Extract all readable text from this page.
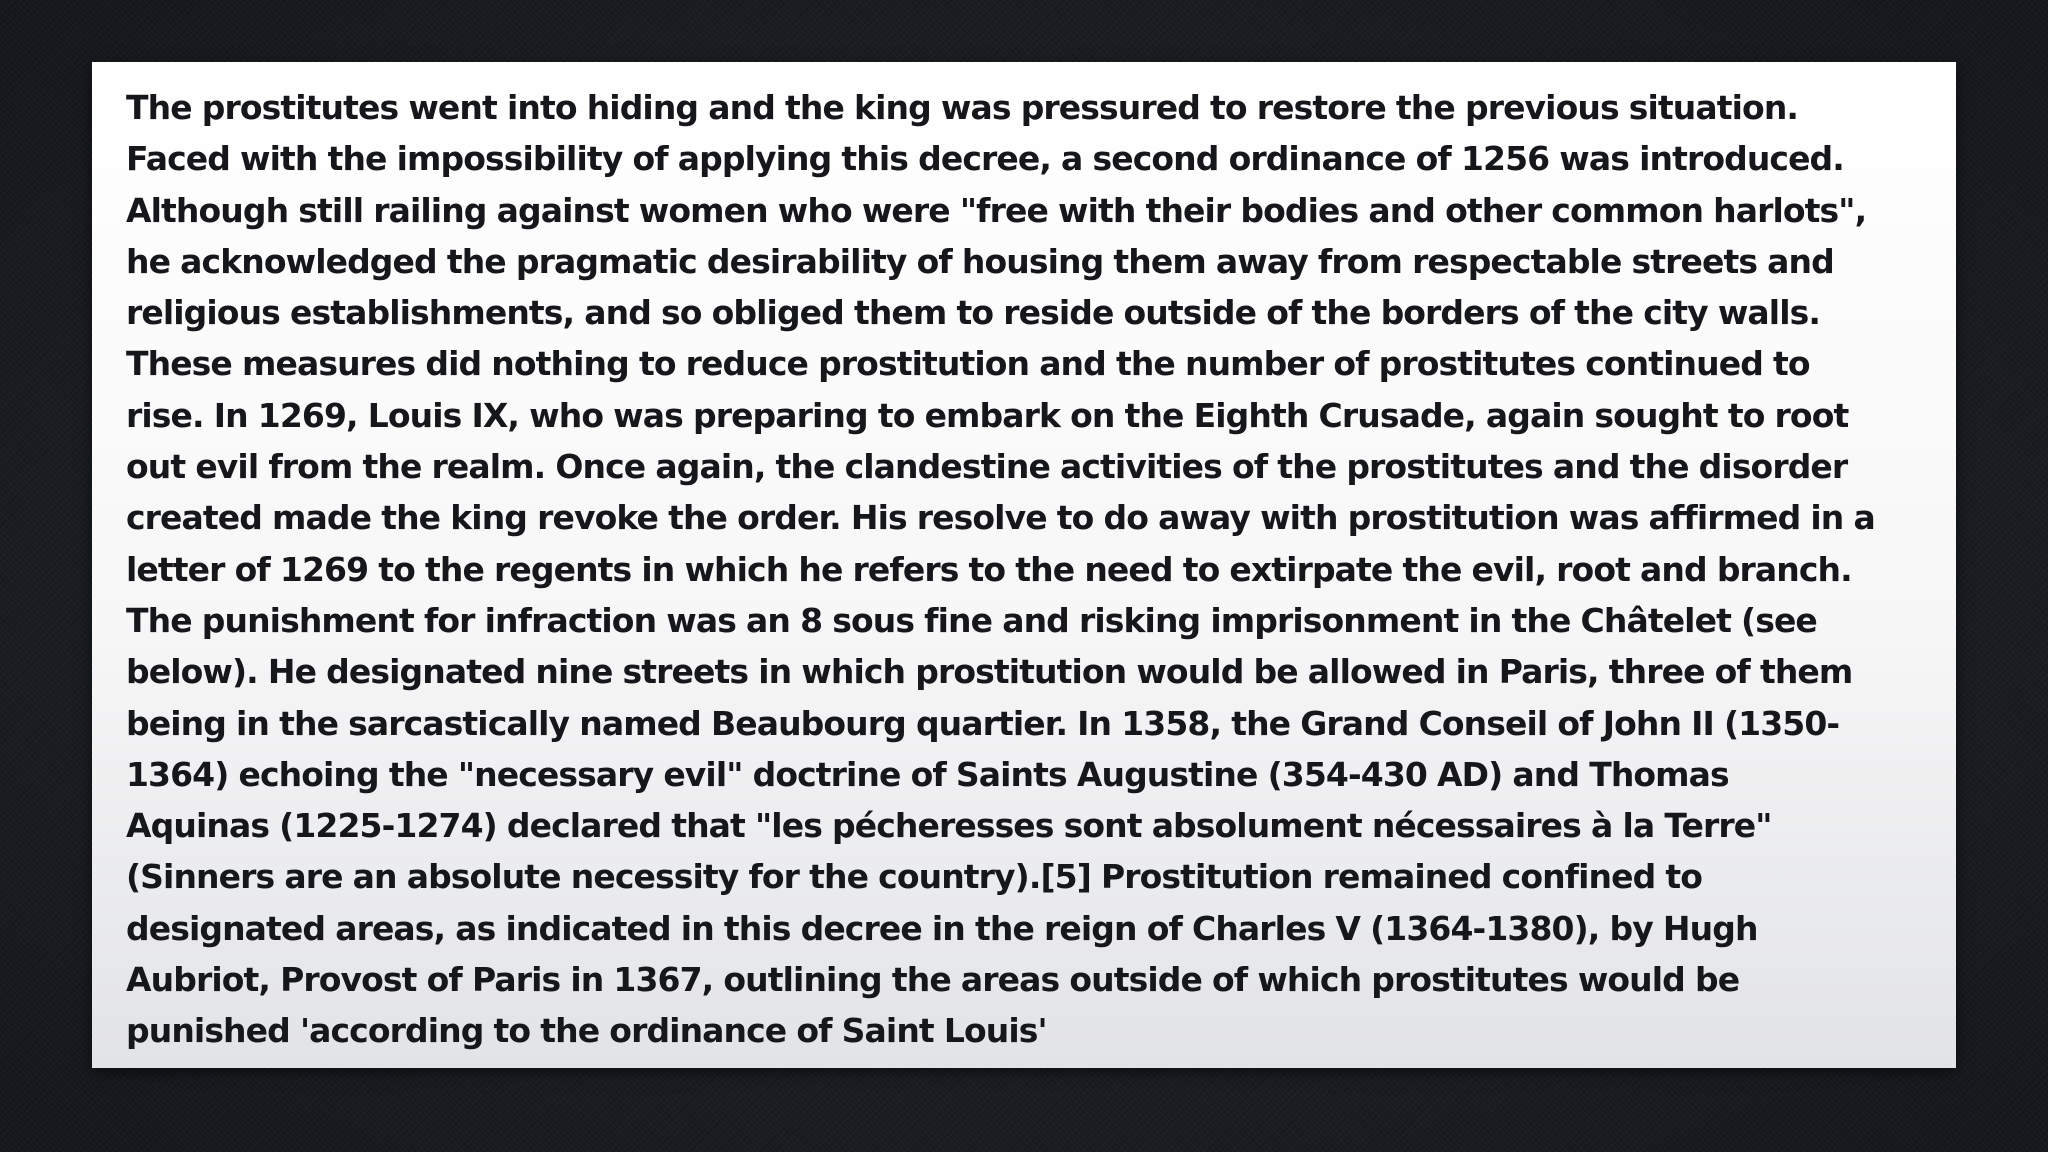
The prostitutes went into hiding and the king was pressured to restore the previous situation.
Faced with the impossibility of applying this decree, a second ordinance of 1256 was introduced.
Although still railing against women who were "free with their bodies and other common harlots",
he acknowledged the pragmatic desirability of housing them away from respectable streets and
religious establishments, and so obliged them to reside outside of the borders of the city walls.
These measures did nothing to reduce prostitution and the number of prostitutes continued to
rise. In 1269, Louis IX, who was preparing to embark on the Eighth Crusade, again sought to root
out evil from the realm. Once again, the clandestine activities of the prostitutes and the disorder
created made the king revoke the order. His resolve to do away with prostitution was affirmed in a
letter of 1269 to the regents in which he refers to the need to extirpate the evil, root and branch.
The punishment for infraction was an 8 sous fine and risking imprisonment in the Châtelet (see
below). He designated nine streets in which prostitution would be allowed in Paris, three of them
being in the sarcastically named Beaubourg quartier. In 1358, the Grand Conseil of John II (1350-
1364) echoing the "necessary evil" doctrine of Saints Augustine (354-430 AD) and Thomas
Aquinas (1225-1274) declared that "les pécheresses sont absolument nécessaires à la Terre"
(Sinners are an absolute necessity for the country).[5] Prostitution remained confined to
designated areas, as indicated in this decree in the reign of Charles V (1364-1380), by Hugh
Aubriot, Provost of Paris in 1367, outlining the areas outside of which prostitutes would be
punished 'according to the ordinance of Saint Louis'
